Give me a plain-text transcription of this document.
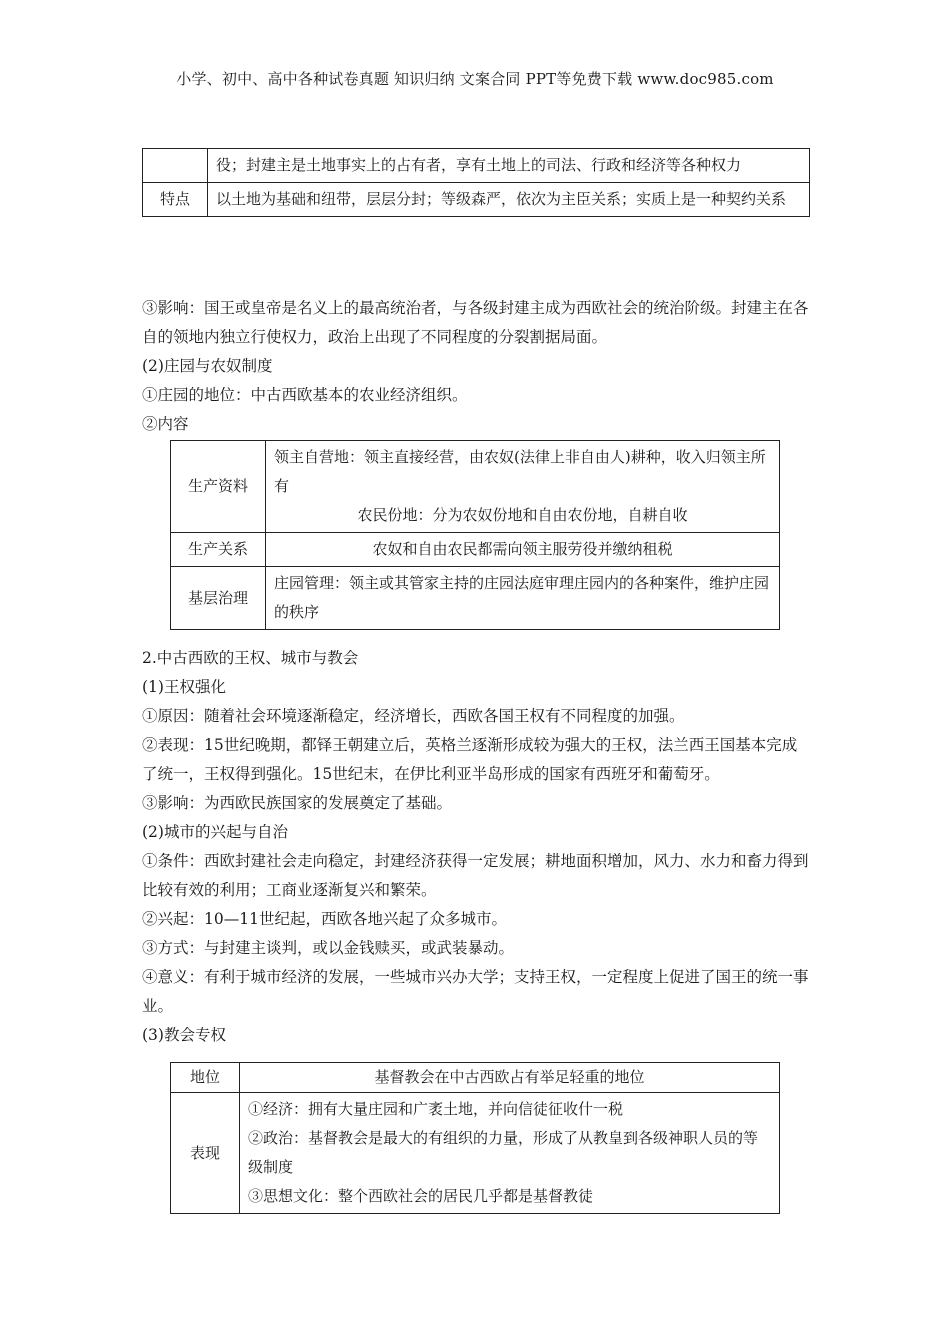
小学、初中、高中各种试卷真题 知识归纳 文案合同 PPT等免费下载 www.doc985.com
	役；封建主是土地事实上的占有者，享有土地上的司法、行政和经济等各种权力
特点	以土地为基础和纽带，层层分封；等级森严，依次为主臣关系；实质上是一种契约关系

③影响：国王或皇帝是名义上的最高统治者，与各级封建主成为西欧社会的统治阶级。封建主在各自的领地内独立行使权力，政治上出现了不同程度的分裂割据局面。

(2)庄园与农奴制度

①庄园的地位：中古西欧基本的农业经济组织。

②内容

生产资料	领主自营地：领主直接经营，由农奴(法律上非自由人)耕种，收入归领主所有
农民份地：分为农奴份地和自由农份地，自耕自收

生产关系	农奴和自由农民都需向领主服劳役并缴纳租税
基层治理	庄园管理：领主或其管家主持的庄园法庭审理庄园内的各种案件，维护庄园的秩序

2.中古西欧的王权、城市与教会

(1)王权强化

①原因：随着社会环境逐渐稳定，经济增长，西欧各国王权有不同程度的加强。

②表现：15世纪晚期，都铎王朝建立后，英格兰逐渐形成较为强大的王权，法兰西王国基本完成了统一，王权得到强化。15世纪末，在伊比利亚半岛形成的国家有西班牙和葡萄牙。

③影响：为西欧民族国家的发展奠定了基础。

(2)城市的兴起与自治

①条件：西欧封建社会走向稳定，封建经济获得一定发展；耕地面积增加，风力、水力和畜力得到比较有效的利用；工商业逐渐复兴和繁荣。

②兴起：10—11世纪起，西欧各地兴起了众多城市。

③方式：与封建主谈判，或以金钱赎买，或武装暴动。

④意义：有利于城市经济的发展，一些城市兴办大学；支持王权，一定程度上促进了国王的统一事业。

(3)教会专权

地位	基督教会在中古西欧占有举足轻重的地位
表现	①经济：拥有大量庄园和广袤土地，并向信徒征收什一税
②政治：基督教会是最大的有组织的力量，形成了从教皇到各级神职人员的等级制度
③思想文化：整个西欧社会的居民几乎都是基督教徒
